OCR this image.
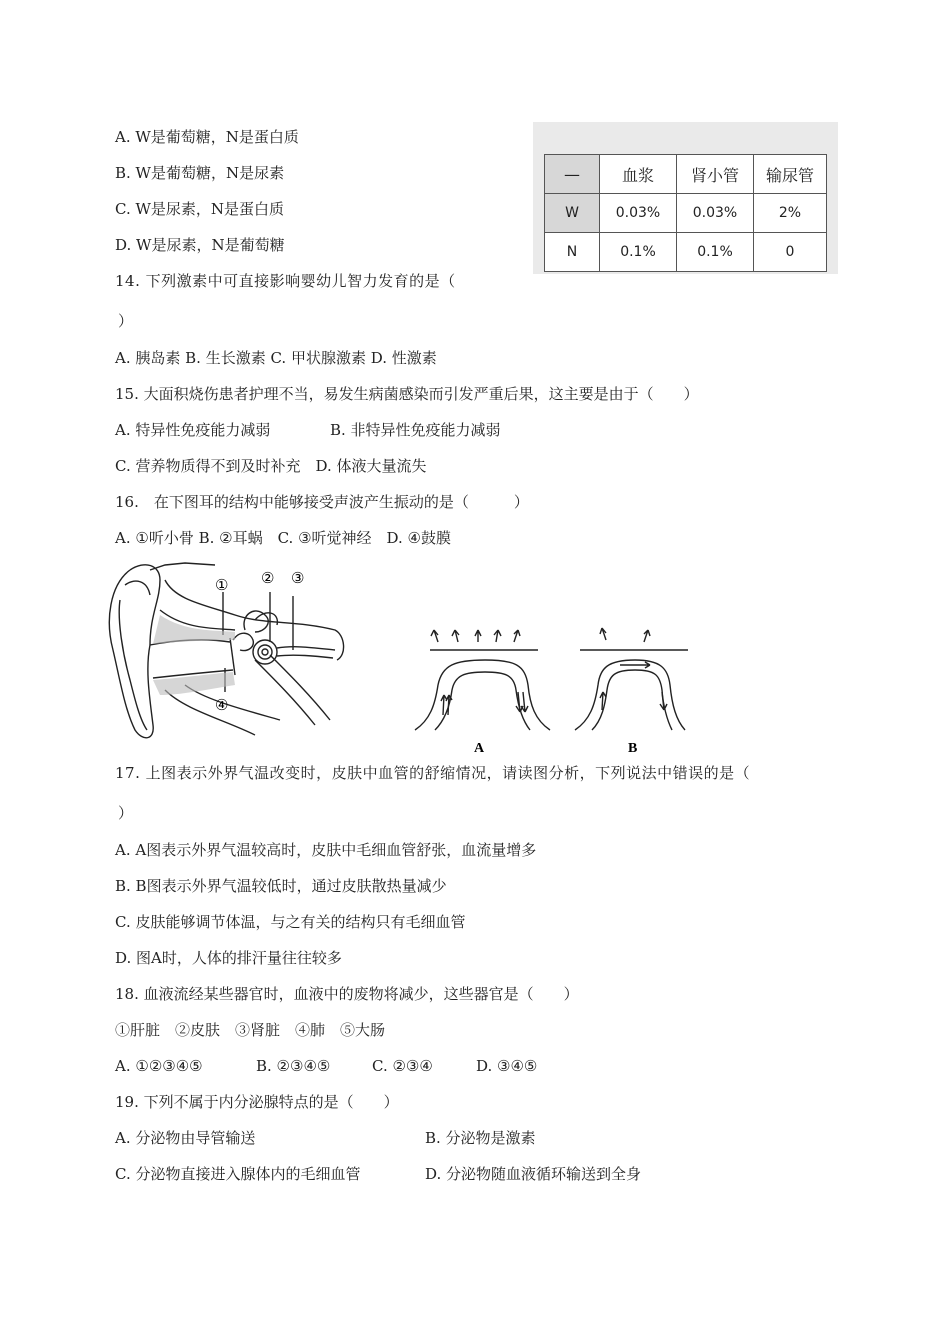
A. W是葡萄糖，N是蛋白质
B. W是葡萄糖，N是尿素
C. W是尿素，N是蛋白质
D. W是尿素，N是葡萄糖
—	血浆	肾小管	输尿管
W	0.03%	0.03%	2%
N	0.1%	0.1%	0
14. 下列激素中可直接影响婴幼儿智力发育的是（
）
A. 胰岛素 B. 生长激素 C. 甲状腺激素 D. 性激素
15. 大面积烧伤患者护理不当，易发生病菌感染而引发严重后果，这主要是由于（　　）
A. 特异性免疫能力减弱	B. 非特异性免疫能力减弱
C. 营养物质得不到及时补充　D. 体液大量流失
16.　在下图耳的结构中能够接受声波产生振动的是（　　　）
A. ①听小骨 B. ②耳蜗　C. ③听觉神经　D. ④鼓膜
① ② ③
④
A	B
17. 上图表示外界气温改变时，皮肤中血管的舒缩情况，请读图分析，下列说法中错误的是（
）
A. A图表示外界气温较高时，皮肤中毛细血管舒张，血流量增多
B. B图表示外界气温较低时，通过皮肤散热量减少
C. 皮肤能够调节体温，与之有关的结构只有毛细血管
D. 图A时，人体的排汗量往往较多
18. 血液流经某些器官时，血液中的废物将减少，这些器官是（　　）
①肝脏　②皮肤　③肾脏　④肺　⑤大肠
A. ①②③④⑤	B. ②③④⑤	C. ②③④	D. ③④⑤
19. 下列不属于内分泌腺特点的是（　　）
A. 分泌物由导管输送	B. 分泌物是激素
C. 分泌物直接进入腺体内的毛细血管	D. 分泌物随血液循环输送到全身
